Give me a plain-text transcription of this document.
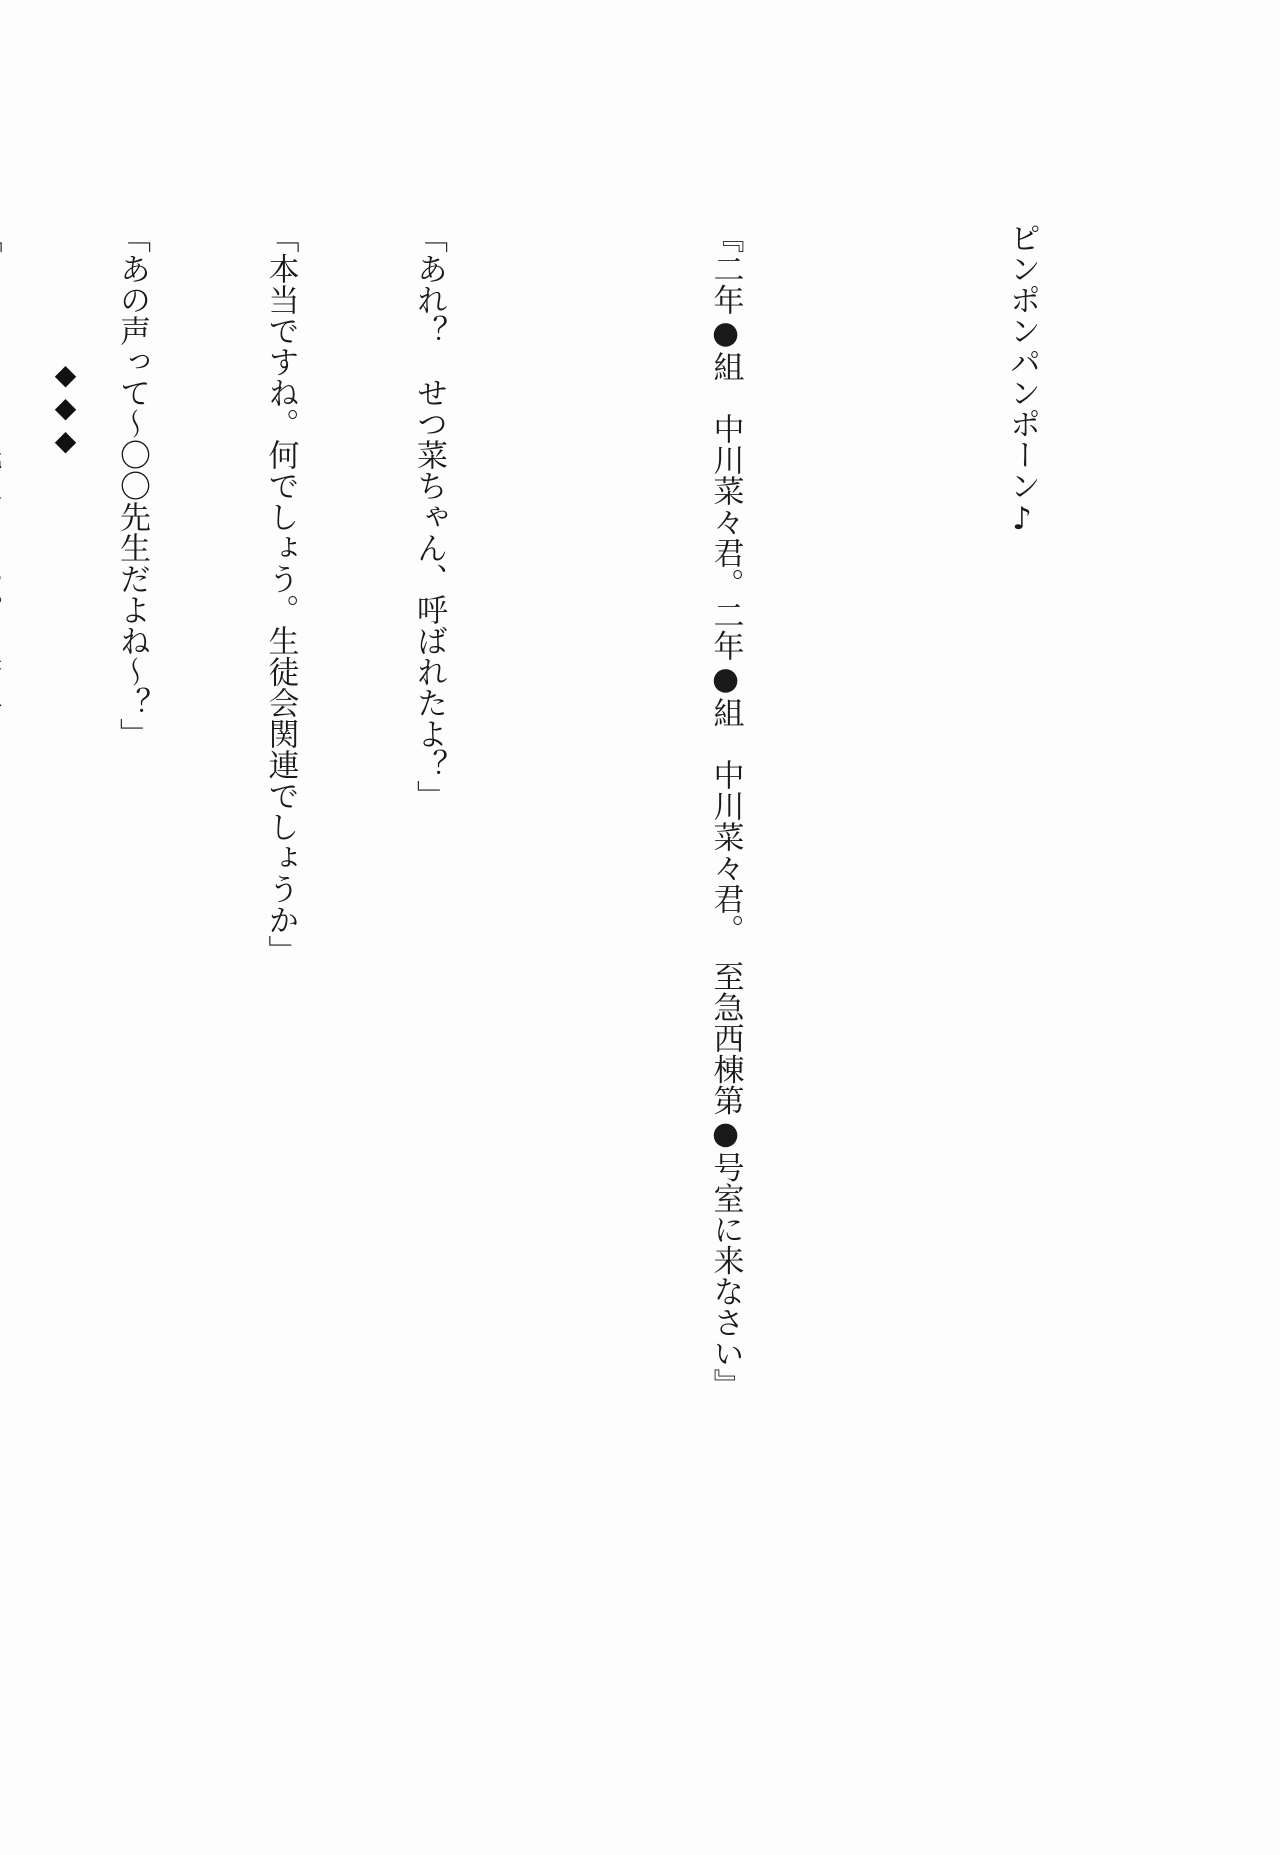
ピンポンパンポーン♪

『二年●組　中川菜々君。二年●組　中川菜々君。　至急西棟第●号室に来なさい』

「あれ？　せつ菜ちゃん、呼ばれたよ？」

「本当ですね。何でしょう。生徒会関連でしょうか」

「あの声って～〇〇先生だよね～？」

◆◆◆
